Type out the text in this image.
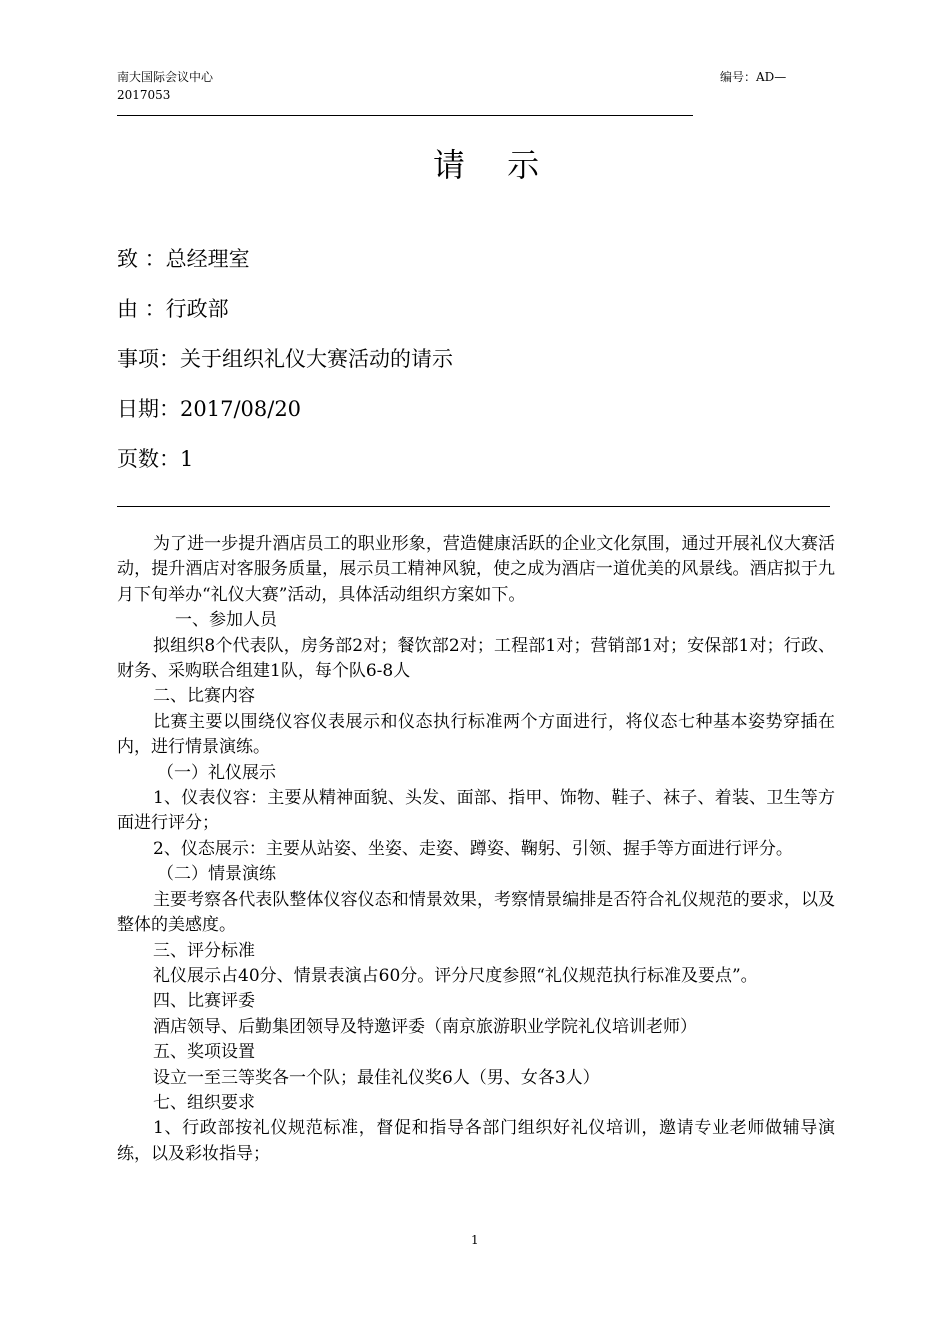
南大国际会议中心
2017053
编号：AD—
请 示
致 ：总经理室
由 ：行政部
事项：关于组织礼仪大赛活动的请示
日期：2017/08/20
页数：1

为了进一步提升酒店员工的职业形象，营造健康活跃的企业文化氛围，通过开展礼仪大赛活动，提升酒店对客服务质量，展示员工精神风貌，使之成为酒店一道优美的风景线。酒店拟于九月下旬举办“礼仪大赛”活动，具体活动组织方案如下。

一、参加人员

拟组织8个代表队，房务部2对；餐饮部2对；工程部1对；营销部1对；安保部1对；行政、财务、采购联合组建1队，每个队6-8人

二、比赛内容

比赛主要以围绕仪容仪表展示和仪态执行标准两个方面进行，将仪态七种基本姿势穿插在内，进行情景演练。

（一）礼仪展示

1、仪表仪容：主要从精神面貌、头发、面部、指甲、饰物、鞋子、袜子、着装、卫生等方面进行评分；

2、仪态展示：主要从站姿、坐姿、走姿、蹲姿、鞠躬、引领、握手等方面进行评分。

（二）情景演练

主要考察各代表队整体仪容仪态和情景效果，考察情景编排是否符合礼仪规范的要求，以及整体的美感度。

三、评分标准

礼仪展示占40分、情景表演占60分。评分尺度参照“礼仪规范执行标准及要点”。

四、比赛评委

酒店领导、后勤集团领导及特邀评委（南京旅游职业学院礼仪培训老师）

五、奖项设置

设立一至三等奖各一个队；最佳礼仪奖6人（男、女各3人）

七、组织要求

1、行政部按礼仪规范标准，督促和指导各部门组织好礼仪培训，邀请专业老师做辅导演练，以及彩妆指导；

1
